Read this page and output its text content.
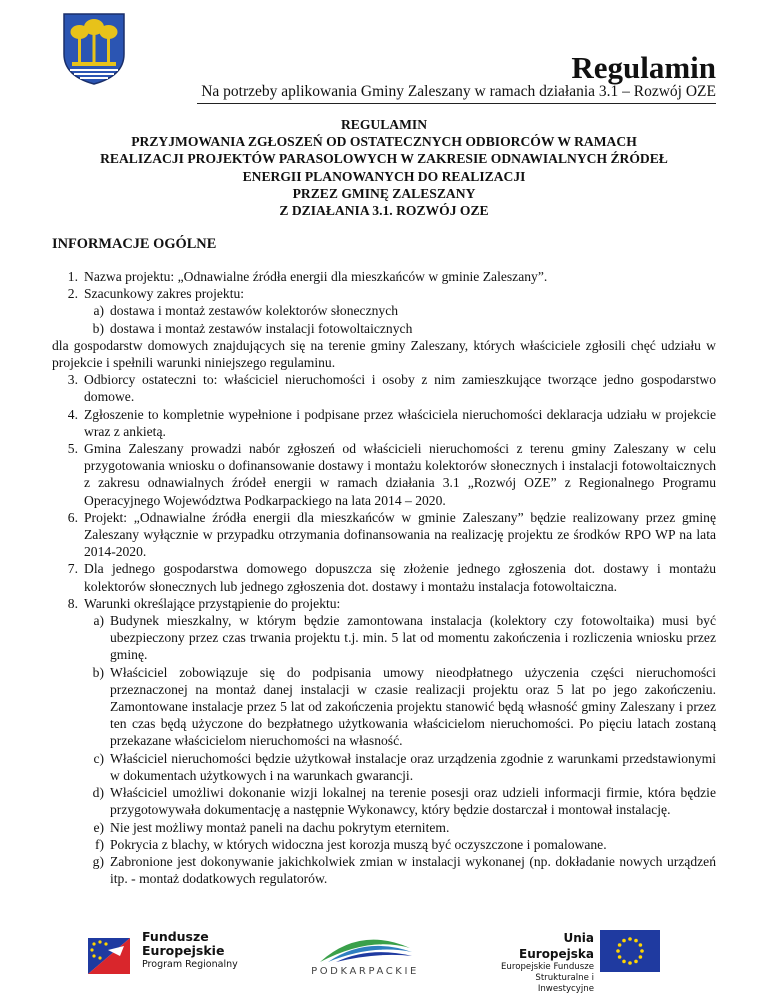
Regulamin
Na potrzeby aplikowania Gminy Zaleszany w ramach działania 3.1 – Rozwój OZE
REGULAMIN
PRZYJMOWANIA ZGŁOSZEŃ OD OSTATECZNYCH ODBIORCÓW W RAMACH
REALIZACJI PROJEKTÓW PARASOLOWYCH W ZAKRESIE ODNAWIALNYCH ŹRÓDEŁ
ENERGII PLANOWANYCH DO REALIZACJI
PRZEZ GMINĘ ZALESZANY
Z DZIAŁANIA 3.1. ROZWÓJ OZE
INFORMACJE OGÓLNE
1. Nazwa projektu: „Odnawialne źródła energii dla mieszkańców w gminie Zaleszany”.
2. Szacunkowy zakres projektu:
a) dostawa i montaż zestawów kolektorów słonecznych
b) dostawa i montaż zestawów instalacji fotowoltaicznych

dla gospodarstw domowych znajdujących się na terenie gminy Zaleszany, których właściciele zgłosili chęć udziału w projekcie i spełnili warunki niniejszego regulaminu.

3. Odbiorcy ostateczni to: właściciel nieruchomości i osoby z nim zamieszkujące tworzące jedno gospodarstwo domowe.
4. Zgłoszenie to kompletnie wypełnione i podpisane przez właściciela nieruchomości deklaracja udziału w projekcie wraz z ankietą.
5. Gmina Zaleszany prowadzi nabór zgłoszeń od właścicieli nieruchomości z terenu gminy Zaleszany w celu przygotowania wniosku o dofinansowanie dostawy i montażu kolektorów słonecznych i instalacji fotowoltaicznych z zakresu odnawialnych źródeł energii w ramach działania 3.1 „Rozwój OZE” z Regionalnego Programu Operacyjnego Województwa Podkarpackiego na lata 2014 – 2020.
6. Projekt: „Odnawialne źródła energii dla mieszkańców w gminie Zaleszany” będzie realizowany przez gminę Zaleszany wyłącznie w przypadku otrzymania dofinansowania na realizację projektu ze środków RPO WP na lata 2014-2020.
7. Dla jednego gospodarstwa domowego dopuszcza się złożenie jednego zgłoszenia dot. dostawy i montażu kolektorów słonecznych lub jednego zgłoszenia dot. dostawy i montażu instalacja fotowoltaiczna.
8. Warunki określające przystąpienie do projektu:
a) Budynek mieszkalny, w którym będzie zamontowana instalacja (kolektory czy fotowoltaika) musi być ubezpieczony przez czas trwania projektu t.j. min. 5 lat od momentu zakończenia i rozliczenia wniosku przez gminę.
b) Właściciel zobowiązuje się do podpisania umowy nieodpłatnego użyczenia części nieruchomości przeznaczonej na montaż danej instalacji w czasie realizacji projektu oraz 5 lat po jego zakończeniu. Zamontowane instalacje przez 5 lat od zakończenia projektu stanowić będą własność gminy Zaleszany i przez ten czas będą użyczone do bezpłatnego użytkowania właścicielom nieruchomości. Po pięciu latach zostaną przekazane właścicielom nieruchomości na własność.
c) Właściciel nieruchomości będzie użytkował instalacje oraz urządzenia zgodnie z warunkami przedstawionymi w dokumentach użytkowych i na warunkach gwarancji.
d) Właściciel umożliwi dokonanie wizji lokalnej na terenie posesji oraz udzieli informacji firmie, która będzie przygotowywała dokumentację a następnie Wykonawcy, który będzie dostarczał i montował instalację.
e) Nie jest możliwy montaż paneli na dachu pokrytym eternitem.
f) Pokrycia z blachy, w których widoczna jest korozja muszą być oczyszczone i pomalowane.
g) Zabronione jest dokonywanie jakichkolwiek zmian w instalacji wykonanej (np. dokładanie nowych urządzeń itp. - montaż dodatkowych regulatorów.
Fundusze
Europejskie
Program Regionalny
PODKARPACKIE
Unia Europejska
Europejskie Fundusze
Strukturalne i Inwestycyjne
